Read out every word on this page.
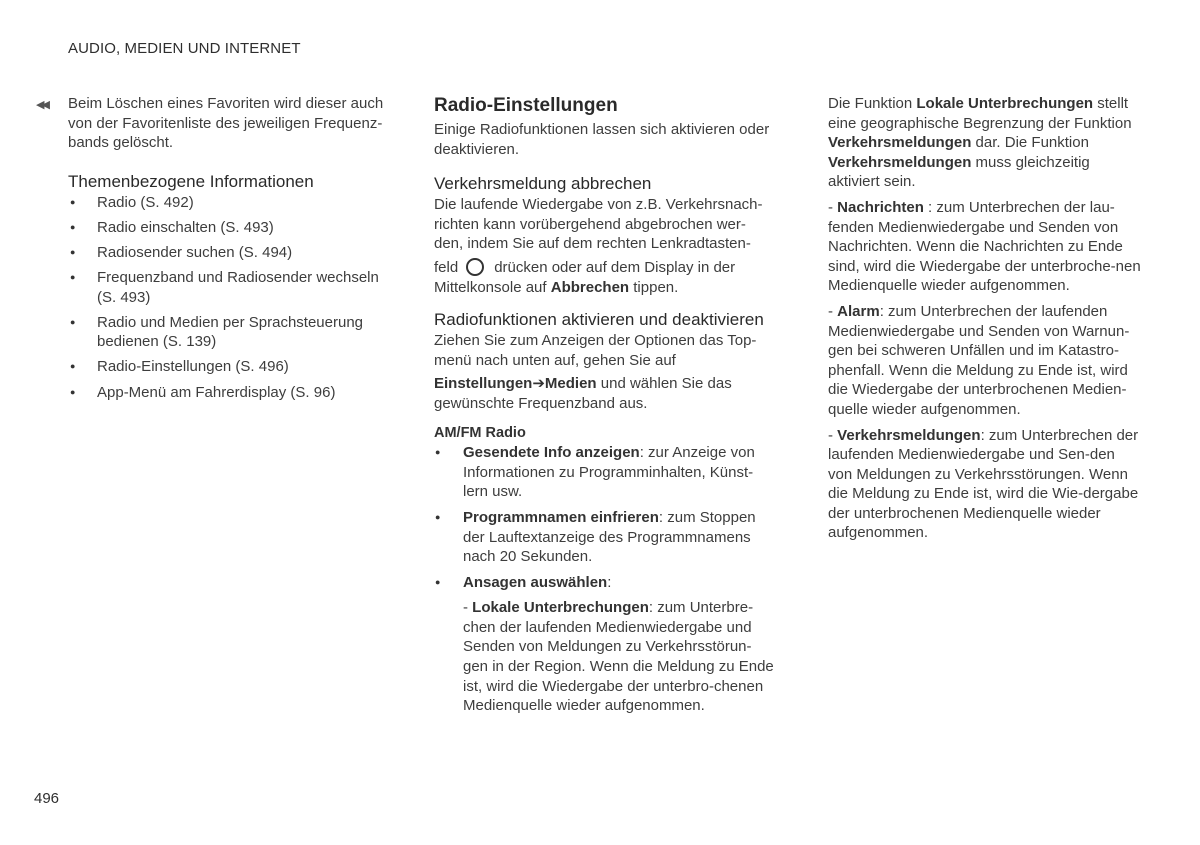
AUDIO, MEDIEN UND INTERNET
◀◀ Beim Löschen eines Favoriten wird dieser auch von der Favoritenliste des jeweiligen Frequenz-bands gelöscht.

Themenbezogene Informationen

● Radio (S. 492)
● Radio einschalten (S. 493)
● Radiosender suchen (S. 494)
● Frequenzband und Radiosender wechseln (S. 493)
● Radio und Medien per Sprachsteuerung bedienen (S. 139)
● Radio-Einstellungen (S. 496)
● App-Menü am Fahrerdisplay (S. 96)

Radio-Einstellungen

Einige Radiofunktionen lassen sich aktivieren oder deaktivieren.

Verkehrsmeldung abbrechen

Die laufende Wiedergabe von z.B. Verkehrsnach-richten kann vorübergehend abgebrochen wer-den, indem Sie auf dem rechten Lenkradtasten-

feld drücken oder auf dem Display in der Mittelkonsole auf Abbrechen tippen.

Radiofunktionen aktivieren und deaktivieren

Ziehen Sie zum Anzeigen der Optionen das Top-menü nach unten auf, gehen Sie auf

Einstellungen➔Medien und wählen Sie das gewünschte Frequenzband aus.

AM/FM Radio

● Gesendete Info anzeigen: zur Anzeige von Informationen zu Programminhalten, Künst-lern usw.
● Programmnamen einfrieren: zum Stoppen der Lauftextanzeige des Programmnamens nach 20 Sekunden.
● Ansagen auswählen:

- Lokale Unterbrechungen: zum Unterbre-chen der laufenden Medienwiedergabe und Senden von Meldungen zu Verkehrsstörun-gen in der Region. Wenn die Meldung zu Ende ist, wird die Wiedergabe der unterbro-chenen Medienquelle wieder aufgenommen.

Die Funktion Lokale Unterbrechungen stellt eine geographische Begrenzung der Funktion Verkehrsmeldungen dar. Die Funktion Verkehrsmeldungen muss gleichzeitig aktiviert sein.

- Nachrichten : zum Unterbrechen der lau-fenden Medienwiedergabe und Senden von Nachrichten. Wenn die Nachrichten zu Ende sind, wird die Wiedergabe der unterbroche-nen Medienquelle wieder aufgenommen.

- Alarm: zum Unterbrechen der laufenden Medienwiedergabe und Senden von Warnun-gen bei schweren Unfällen und im Katastro-phenfall. Wenn die Meldung zu Ende ist, wird die Wiedergabe der unterbrochenen Medien-quelle wieder aufgenommen.

- Verkehrsmeldungen: zum Unterbrechen der laufenden Medienwiedergabe und Sen-den von Meldungen zu Verkehrsstörungen. Wenn die Meldung zu Ende ist, wird die Wie-dergabe der unterbrochenen Medienquelle wieder aufgenommen.

496
